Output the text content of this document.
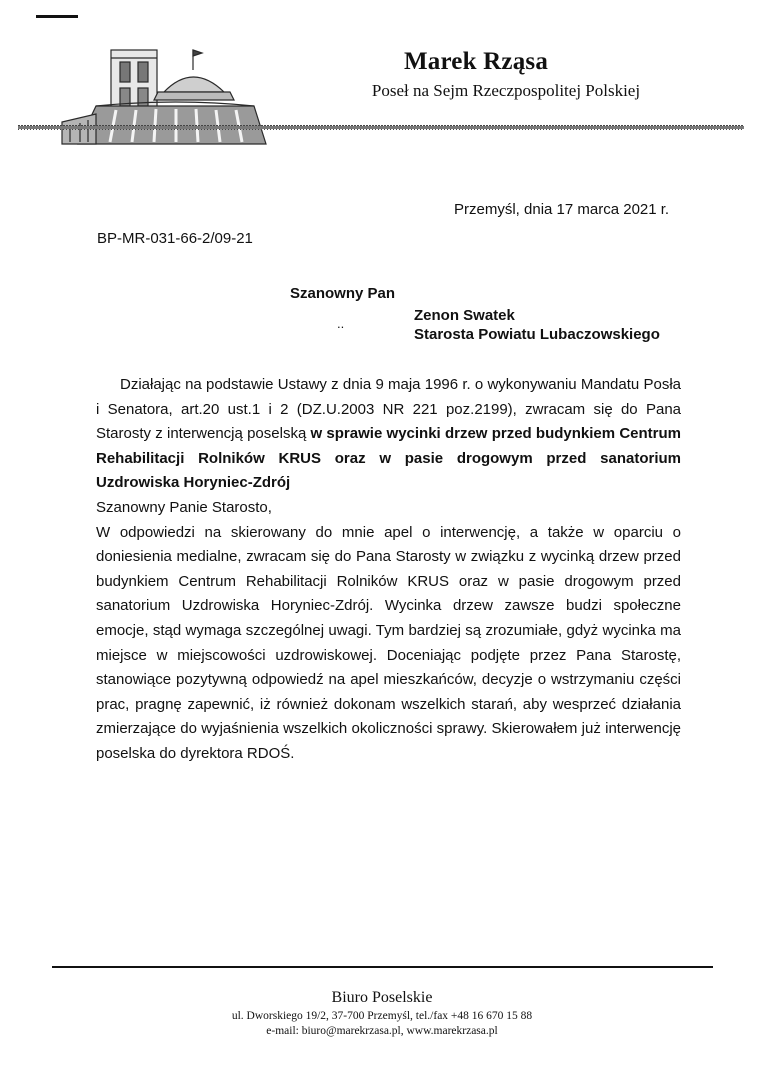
Marek Rząsa
Poseł na Sejm Rzeczpospolitej Polskiej
Przemyśl, dnia 17 marca 2021 r.
BP-MR-031-66-2/09-21
Szanowny Pan
..	Zenon Swatek
Starosta Powiatu Lubaczowskiego

Działając na podstawie Ustawy z dnia 9 maja 1996 r. o wykonywaniu Mandatu Posła i Senatora, art.20 ust.1 i 2 (DZ.U.2003 NR 221 poz.2199), zwracam się do Pana Starosty z interwencją poselską w sprawie wycinki drzew przed budynkiem Centrum Rehabilitacji Rolników KRUS oraz w pasie drogowym przed sanatorium Uzdrowiska Horyniec-Zdrój

Szanowny Panie Starosto,

W odpowiedzi na skierowany do mnie apel o interwencję, a także w oparciu o doniesienia medialne, zwracam się do Pana Starosty w związku z wycinką drzew przed budynkiem Centrum Rehabilitacji Rolników KRUS oraz w pasie drogowym przed sanatorium Uzdrowiska Horyniec-Zdrój. Wycinka drzew zawsze budzi społeczne emocje, stąd wymaga szczególnej uwagi. Tym bardziej są zrozumiałe, gdyż wycinka ma miejsce w miejscowości uzdrowiskowej. Doceniając podjęte przez Pana Starostę, stanowiące pozytywną odpowiedź na apel mieszkańców, decyzje o wstrzymaniu części prac, pragnę zapewnić, iż również dokonam wszelkich starań, aby wesprzeć działania zmierzające do wyjaśnienia wszelkich okoliczności sprawy. Skierowałem już interwencję poselska do dyrektora RDOŚ.

Biuro Poselskie
ul. Dworskiego 19/2, 37-700 Przemyśl, tel./fax +48 16 670 15 88
e-mail: biuro@marekrzasa.pl, www.marekrzasa.pl
